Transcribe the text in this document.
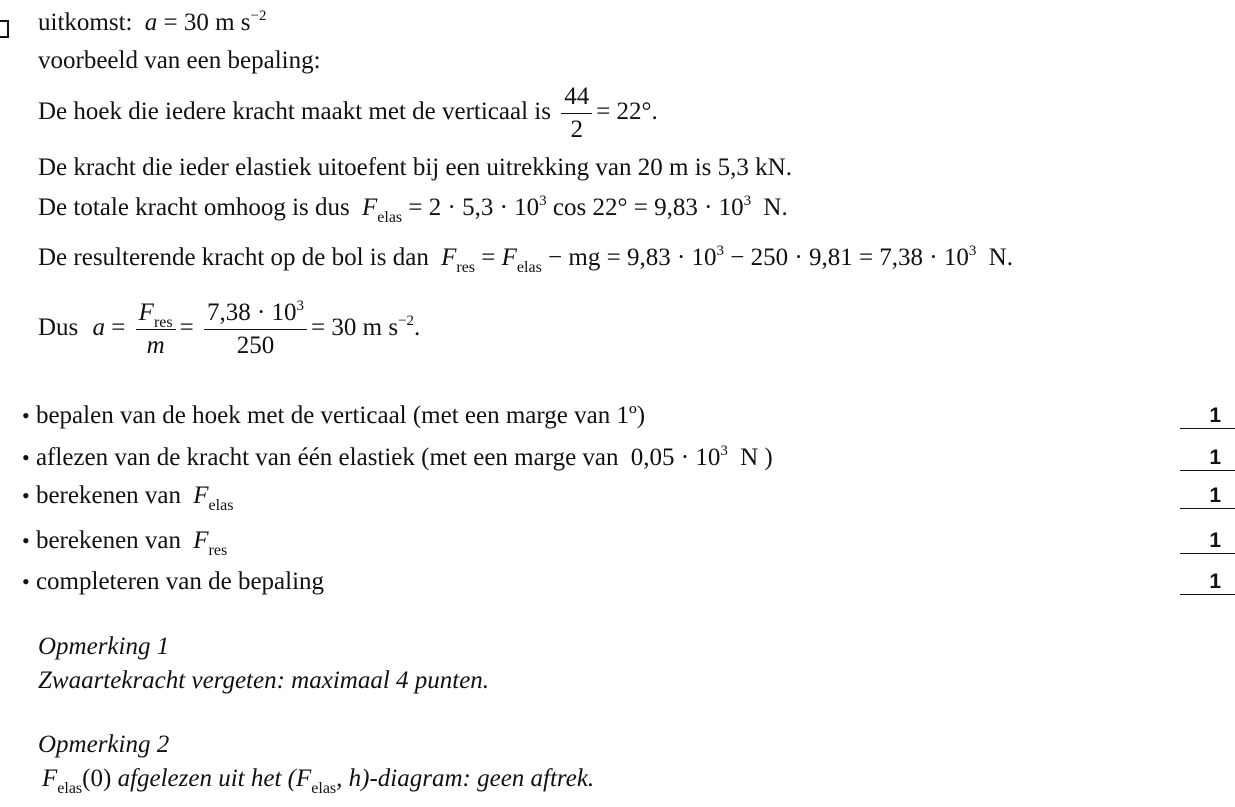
uitkomst: a = 30 m $s^{-2}$
voorbeeld van een bepaling:
De hoek die iedere kracht maakt met de verticaal is $\frac{44}{2} = 22^\circ$.
De kracht die ieder elastiek uitoefent bij een uitrekking van 20 m is 5,3 kN.
De totale kracht omhoog is dus $F_{elas} = 2 \cdot 5,3 \cdot 10^3$ $\cos 22^\circ = 9,83 \cdot 10^3$ N.
De resulterende kracht op de bol is dan $F_{res} = F_{elas}$ − mg = $9,83 \cdot 10^3 - 250 \cdot 9,81 = 7,38 \cdot 10^3$ N.
Dus $a = \frac{F_{res}}{m} = \frac{7,38 \cdot 10^3}{250} = 30$ m $s^{-2}$.
• bepalen van de hoek met de verticaal (met een marge van 1º)	1
• aflezen van de kracht van één elastiek (met een marge van $0,05 \cdot 10^3$ N )	1
• berekenen van $F_{elas}$	1
• berekenen van $F_{res}$	1
• completeren van de bepaling	1
Opmerking 1
Zwaartekracht vergeten: maximaal 4 punten.
Opmerking 2
$F_{elas}(0)$ afgelezen uit het ($F_{elas}$, h)-diagram: geen aftrek.
